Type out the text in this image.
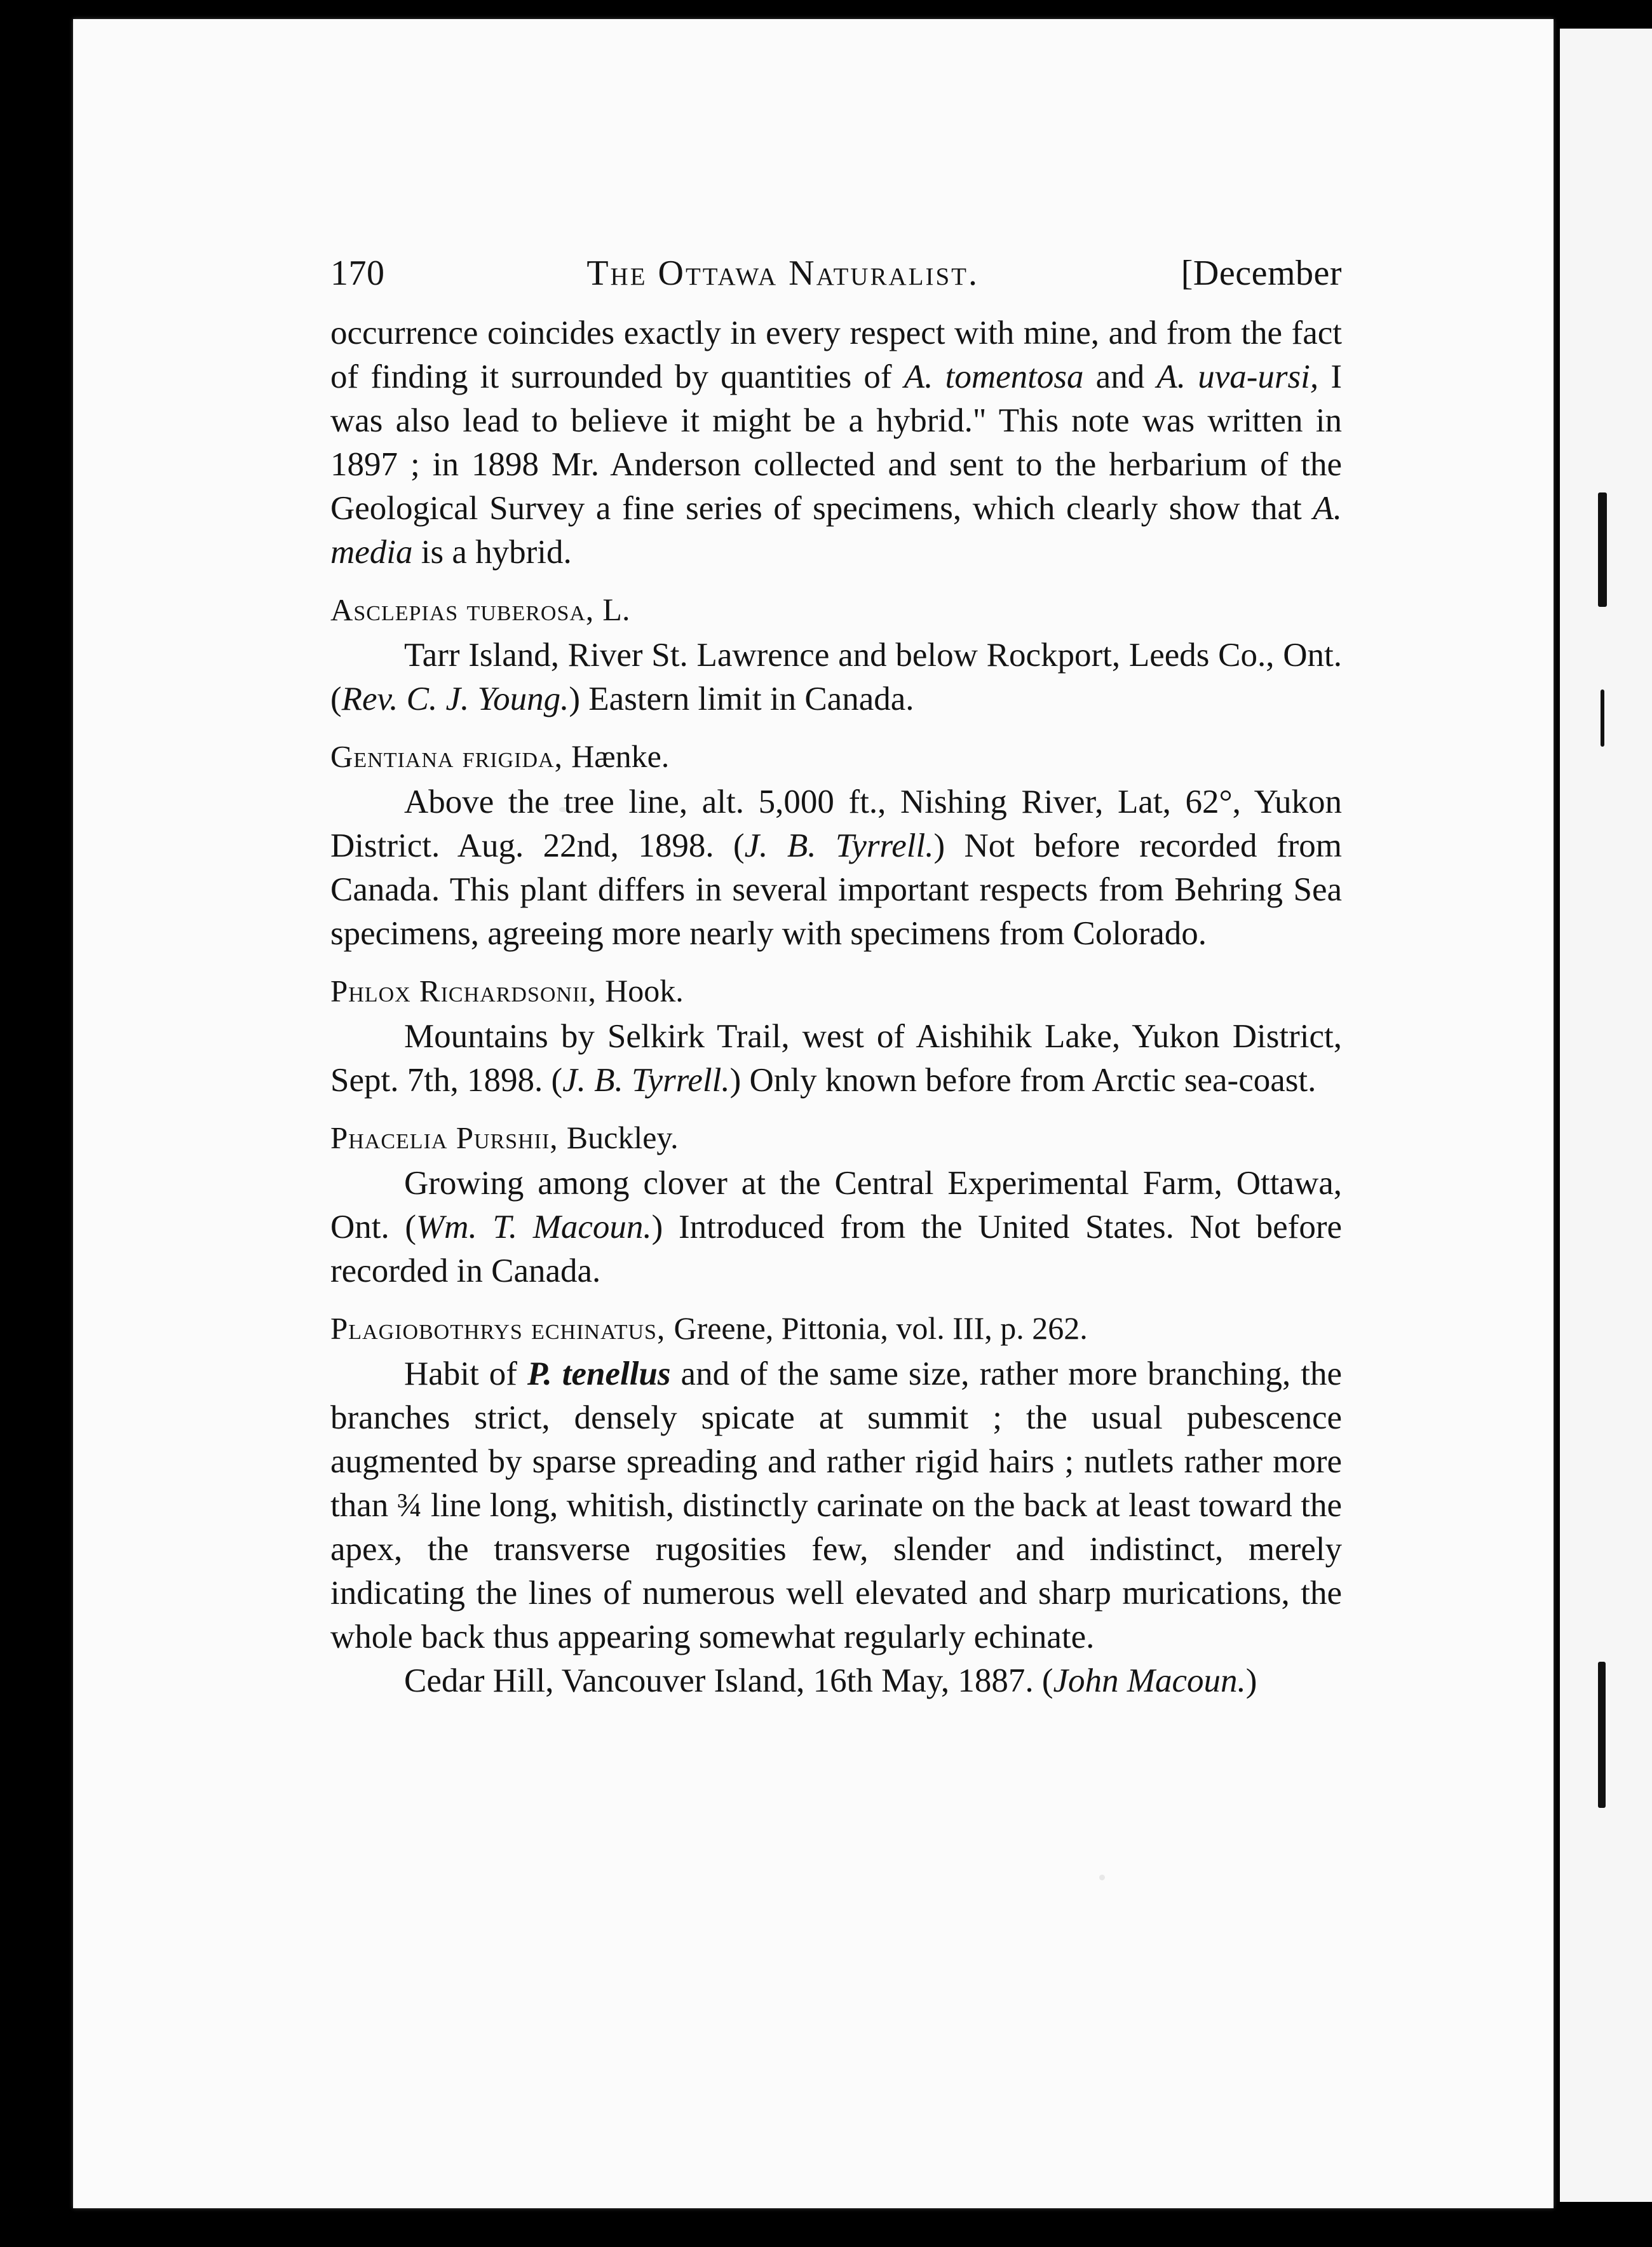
170	The Ottawa Naturalist.	[December

occurrence coincides exactly in every respect with mine, and from the fact of finding it surrounded by quantities of A. tomentosa and A. uva-ursi, I was also lead to believe it might be a hybrid." This note was written in 1897 ; in 1898 Mr. Anderson collected and sent to the herbarium of the Geological Survey a fine series of specimens, which clearly show that A. media is a hybrid.

Asclepias tuberosa, L.

Tarr Island, River St. Lawrence and below Rockport, Leeds Co., Ont. (Rev. C. J. Young.) Eastern limit in Canada.

Gentiana frigida, Hænke.

Above the tree line, alt. 5,000 ft., Nishing River, Lat, 62°, Yukon District. Aug. 22nd, 1898. (J. B. Tyrrell.) Not before recorded from Canada. This plant differs in several important respects from Behring Sea specimens, agreeing more nearly with specimens from Colorado.

Phlox Richardsonii, Hook.

Mountains by Selkirk Trail, west of Aishihik Lake, Yukon District, Sept. 7th, 1898. (J. B. Tyrrell.) Only known before from Arctic sea-coast.

Phacelia Purshii, Buckley.

Growing among clover at the Central Experimental Farm, Ottawa, Ont. (Wm. T. Macoun.) Introduced from the United States. Not before recorded in Canada.

Plagiobothrys echinatus, Greene, Pittonia, vol. III, p. 262.

Habit of P. tenellus and of the same size, rather more branching, the branches strict, densely spicate at summit ; the usual pubescence augmented by sparse spreading and rather rigid hairs ; nutlets rather more than ¾ line long, whitish, distinctly carinate on the back at least toward the apex, the transverse rugosities few, slender and indistinct, merely indicating the lines of numerous well elevated and sharp murications, the whole back thus appearing somewhat regularly echinate.

Cedar Hill, Vancouver Island, 16th May, 1887. (John Macoun.)
